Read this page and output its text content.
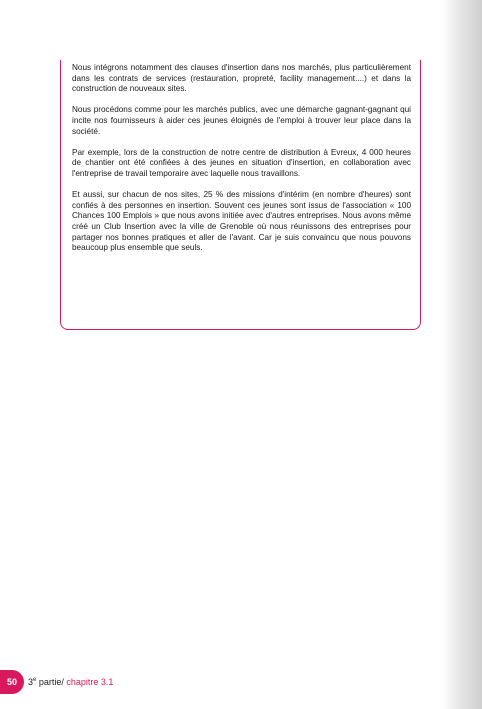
Nous intégrons notamment des clauses d'insertion dans nos marchés, plus particulièrement dans les contrats de services (restauration, propreté, facility management....) et dans la construction de nouveaux sites.

Nous procédons comme pour les marchés publics, avec une démarche gagnant-gagnant qui incite nos fournisseurs à aider ces jeunes éloignés de l'emploi à trouver leur place dans la société.

Par exemple, lors de la construction de notre centre de distribution à Evreux, 4 000 heures de chantier ont été confiées à des jeunes en situation d'insertion, en collaboration avec l'entreprise de travail temporaire avec laquelle nous travaillons.

Et aussi, sur chacun de nos sites, 25 % des missions d'intérim (en nombre d'heures) sont confiés à des personnes en insertion. Souvent ces jeunes sont issus de l'association « 100 Chances 100 Emplois » que nous avons initiée avec d'autres entreprises. Nous avons même créé un Club Insertion avec la ville de Grenoble où nous réunissons des entreprises pour partager nos bonnes pratiques et aller de l'avant. Car je suis convaincu que nous pouvons beaucoup plus ensemble que seuls.

50	3e partie/ chapitre 3.1
